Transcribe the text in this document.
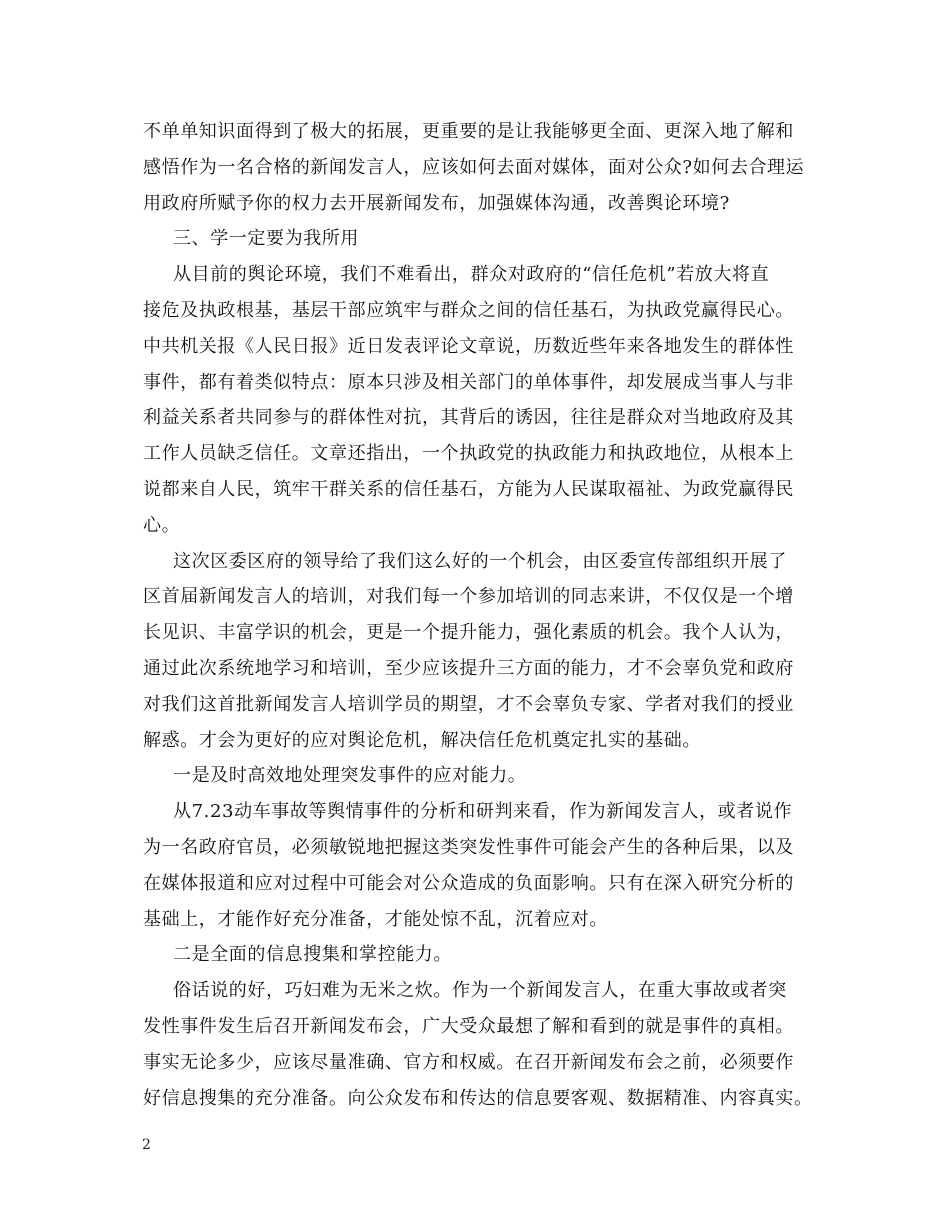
不单单知识面得到了极大的拓展，更重要的是让我能够更全面、更深入地了解和
感悟作为一名合格的新闻发言人，应该如何去面对媒体，面对公众?如何去合理运
用政府所赋予你的权力去开展新闻发布，加强媒体沟通，改善舆论环境?
三、学一定要为我所用
从目前的舆论环境，我们不难看出，群众对政府的“信任危机”若放大将直
接危及执政根基，基层干部应筑牢与群众之间的信任基石，为执政党赢得民心。
中共机关报《人民日报》近日发表评论文章说，历数近些年来各地发生的群体性
事件，都有着类似特点：原本只涉及相关部门的单体事件，却发展成当事人与非
利益关系者共同参与的群体性对抗，其背后的诱因，往往是群众对当地政府及其
工作人员缺乏信任。文章还指出，一个执政党的执政能力和执政地位，从根本上
说都来自人民，筑牢干群关系的信任基石，方能为人民谋取福祉、为政党赢得民
心。
这次区委区府的领导给了我们这么好的一个机会，由区委宣传部组织开展了
区首届新闻发言人的培训，对我们每一个参加培训的同志来讲，不仅仅是一个增
长见识、丰富学识的机会，更是一个提升能力，强化素质的机会。我个人认为，
通过此次系统地学习和培训，至少应该提升三方面的能力，才不会辜负党和政府
对我们这首批新闻发言人培训学员的期望，才不会辜负专家、学者对我们的授业
解惑。才会为更好的应对舆论危机，解决信任危机奠定扎实的基础。
一是及时高效地处理突发事件的应对能力。
从7.23动车事故等舆情事件的分析和研判来看，作为新闻发言人，或者说作
为一名政府官员，必须敏锐地把握这类突发性事件可能会产生的各种后果，以及
在媒体报道和应对过程中可能会对公众造成的负面影响。只有在深入研究分析的
基础上，才能作好充分准备，才能处惊不乱，沉着应对。
二是全面的信息搜集和掌控能力。
俗话说的好，巧妇难为无米之炊。作为一个新闻发言人，在重大事故或者突
发性事件发生后召开新闻发布会，广大受众最想了解和看到的就是事件的真相。
事实无论多少，应该尽量准确、官方和权威。在召开新闻发布会之前，必须要作
好信息搜集的充分准备。向公众发布和传达的信息要客观、数据精准、内容真实。
2
